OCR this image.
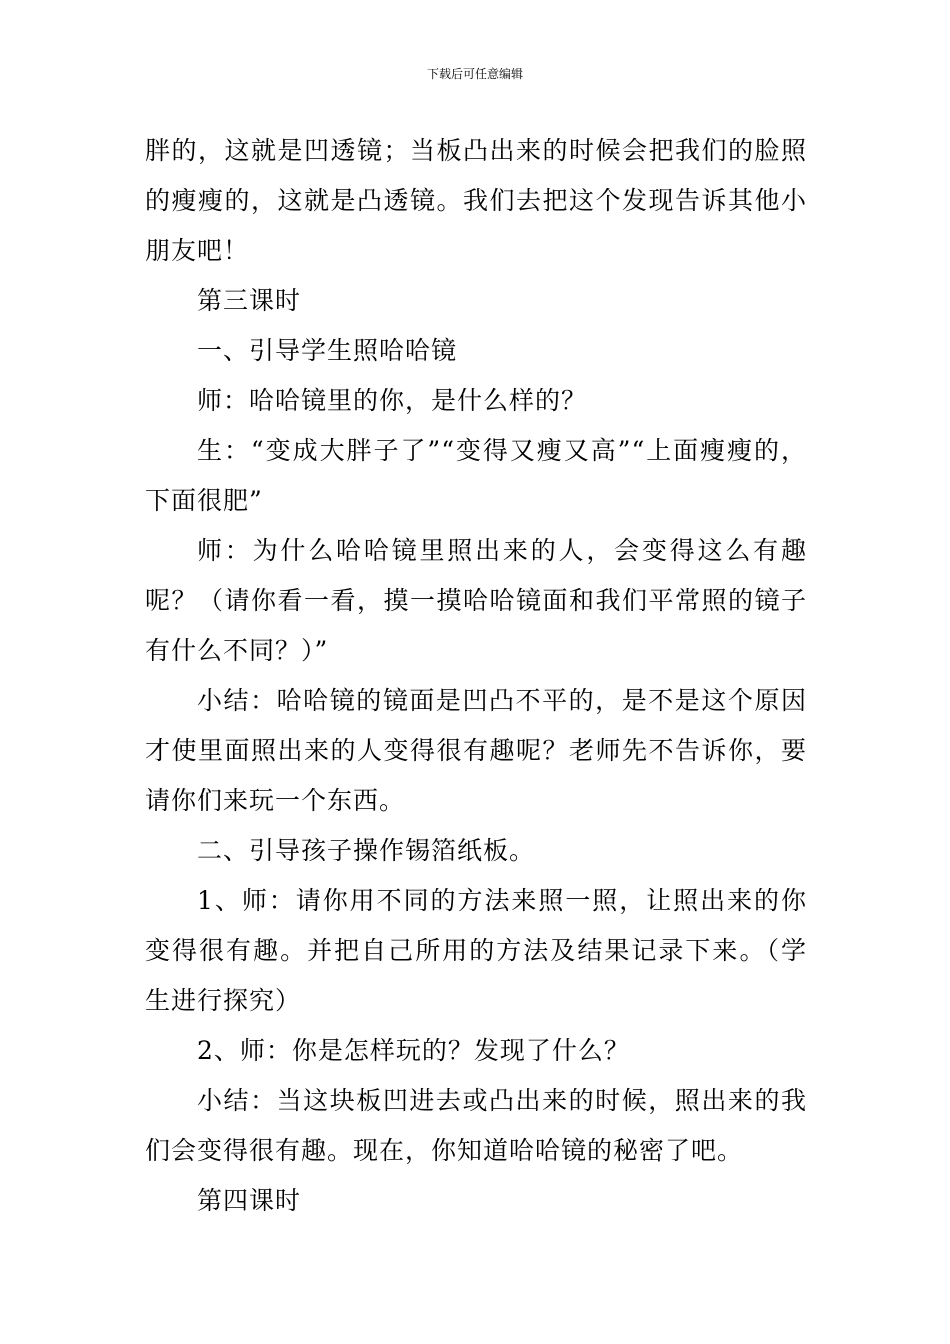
下载后可任意编辑

胖的，这就是凹透镜；当板凸出来的时候会把我们的脸照的瘦瘦的，这就是凸透镜。我们去把这个发现告诉其他小朋友吧！

第三课时

一、引导学生照哈哈镜

师：哈哈镜里的你，是什么样的？

生：“变成大胖子了”“变得又瘦又高”“上面瘦瘦的，下面很肥”

师：为什么哈哈镜里照出来的人，会变得这么有趣呢？（请你看一看，摸一摸哈哈镜面和我们平常照的镜子有什么不同？）”

小结：哈哈镜的镜面是凹凸不平的，是不是这个原因才使里面照出来的人变得很有趣呢？老师先不告诉你，要请你们来玩一个东西。

二、引导孩子操作锡箔纸板。

1、师：请你用不同的方法来照一照，让照出来的你变得很有趣。并把自己所用的方法及结果记录下来。（学生进行探究）

2、师：你是怎样玩的？发现了什么？

小结：当这块板凹进去或凸出来的时候，照出来的我们会变得很有趣。现在，你知道哈哈镜的秘密了吧。

第四课时
